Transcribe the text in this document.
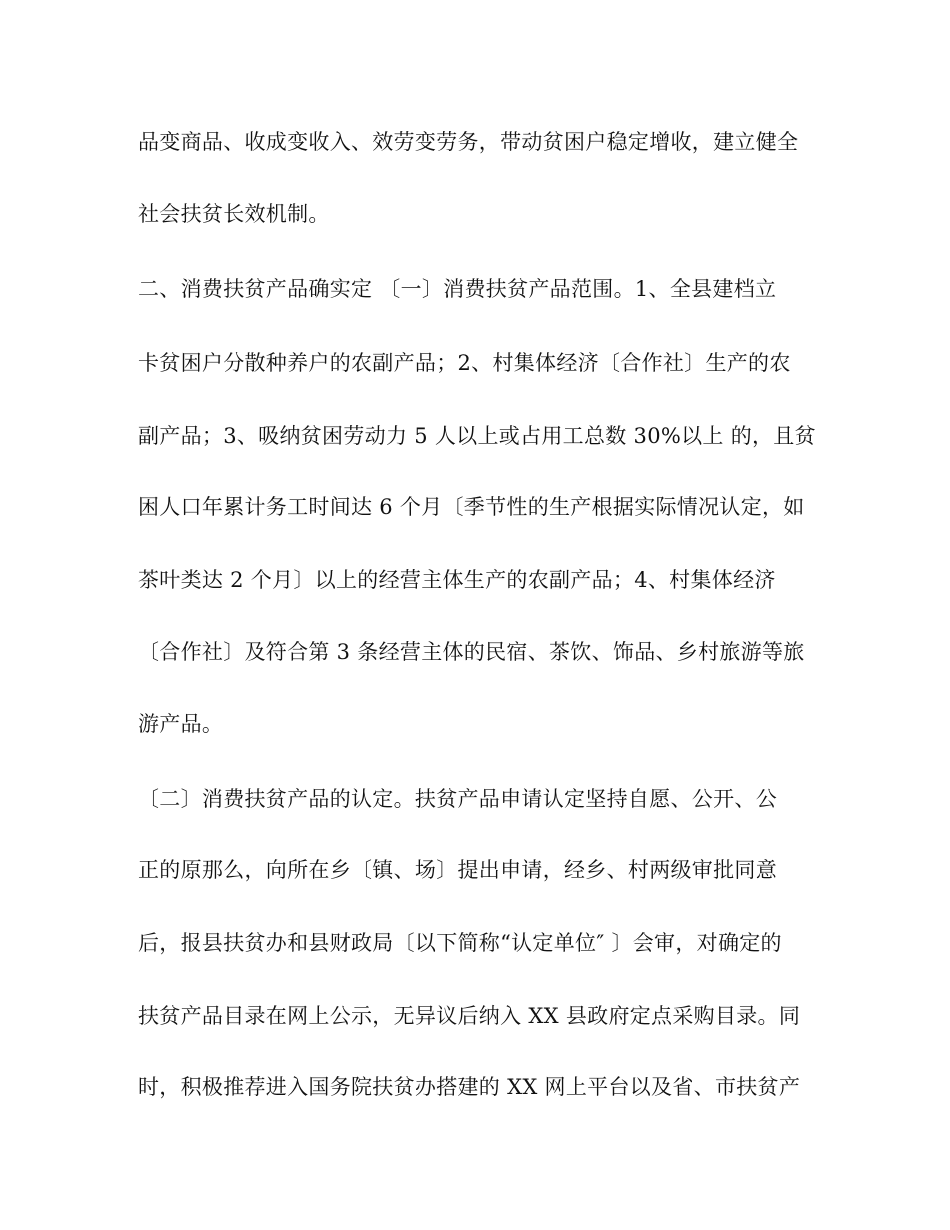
品变商品、收成变收入、效劳变劳务，带动贫困户稳定增收，建立健全
社会扶贫长效机制。
二、消费扶贫产品确实定 〔一〕消费扶贫产品范围。1、全县建档立
卡贫困户分散种养户的农副产品；2、村集体经济〔合作社〕生产的农
副产品；3、吸纳贫困劳动力 5 人以上或占用工总数 30%以上 的，且贫
困人口年累计务工时间达 6 个月〔季节性的生产根据实际情况认定，如
茶叶类达 2 个月〕以上的经营主体生产的农副产品；4、村集体经济
〔合作社〕及符合第 3 条经营主体的民宿、茶饮、饰品、乡村旅游等旅
游产品。
〔二〕消费扶贫产品的认定。扶贫产品申请认定坚持自愿、公开、公
正的原那么，向所在乡〔镇、场〕提出申请，经乡、村两级审批同意
后，报县扶贫办和县财政局〔以下简称“认定单位″ 〕会审，对确定的
扶贫产品目录在网上公示，无异议后纳入 XX 县政府定点采购目录。同
时，积极推荐进入国务院扶贫办搭建的 XX 网上平台以及省、市扶贫产
